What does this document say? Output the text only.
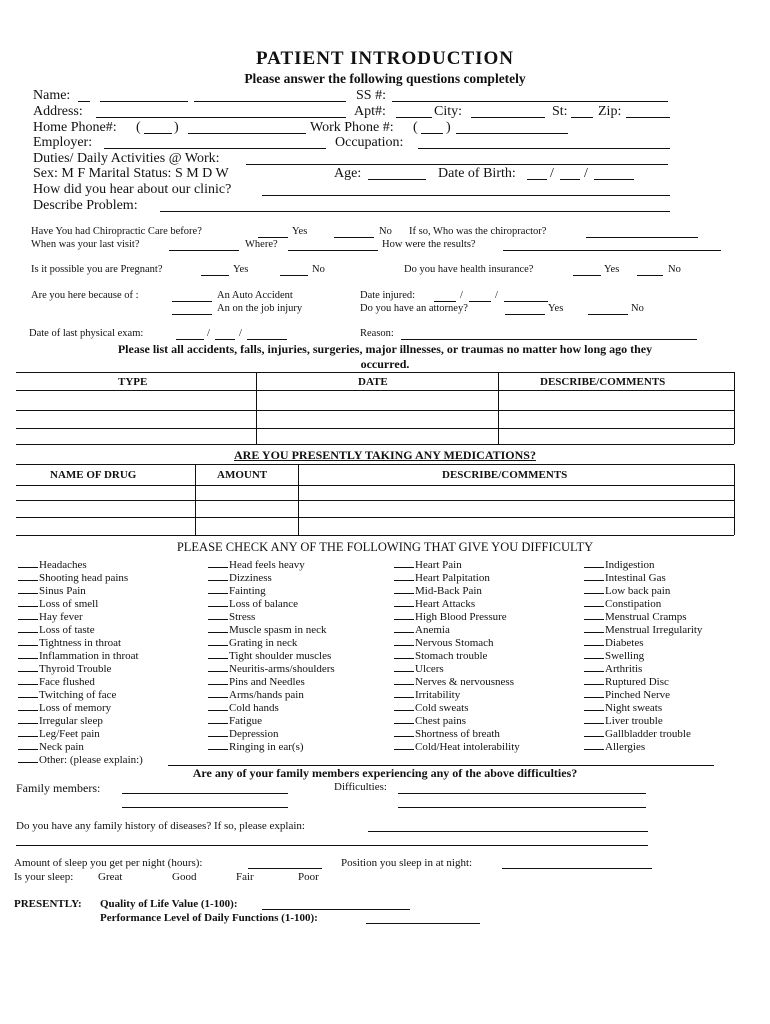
PATIENT INTRODUCTION
Please answer the following questions completely
Name:	SS #:
Address:	Apt#:	City:	St: Zip:
Home Phone#: ( )	Work Phone #: ( )
Employer:	Occupation:
Duties/ Daily Activities @ Work:
Sex: M F Marital Status: S M D W	Age:	Date of Birth: / /
How did you hear about our clinic?
Describe Problem:
Have You had Chiropractic Care before?	Yes	No If so, Who was the chiropractor?
When was your last visit?	Where?	How were the results?
Is it possible you are Pregnant?	Yes	No	Do you have health insurance?	Yes	No
Are you here because of :	An Auto Accident
An on the job injury
Date injured:	/	/
Do you have an attorney?	Yes	No
Date of last physical exam:	/	/	Reason:
Please list all accidents, falls, injuries, surgeries, major illnesses, or traumas no matter how long ago they
occurred.
TYPE	DATE	DESCRIBE/COMMENTS
ARE YOU PRESENTLY TAKING ANY MEDICATIONS?
NAME OF DRUG	AMOUNT	DESCRIBE/COMMENTS
PLEASE CHECK ANY OF THE FOLLOWING THAT GIVE YOU DIFFICULTY
Headaches
Shooting head pains
Sinus Pain
Loss of smell
Hay fever
Loss of taste
Tightness in throat
Inflammation in throat
Thyroid Trouble
Face flushed
Twitching of face
Loss of memory
Irregular sleep
Leg/Feet pain
Neck pain
Other: (please explain:)
Head feels heavy
Dizziness
Fainting
Loss of balance
Stress
Muscle spasm in neck
Grating in neck
Tight shoulder muscles
Neuritis-arms/shoulders
Pins and Needles
Arms/hands pain
Cold hands
Fatigue
Depression
Ringing in ear(s)
Heart Pain
Heart Palpitation
Mid-Back Pain
Heart Attacks
High Blood Pressure
Anemia
Nervous Stomach
Stomach trouble
Ulcers
Nerves & nervousness
Irritability
Cold sweats
Chest pains
Shortness of breath
Cold/Heat intolerability
Indigestion
Intestinal Gas
Low back pain
Constipation
Menstrual Cramps
Menstrual Irregularity
Diabetes
Swelling
Arthritis
Ruptured Disc
Pinched Nerve
Night sweats
Liver trouble
Gallbladder trouble
Allergies
Are any of your family members experiencing any of the above difficulties?
Family members:	Difficulties:
Do you have any family history of diseases? If so, please explain:
Amount of sleep you get per night (hours):	Position you sleep in at night:
Is your sleep: Great	Good	Fair	Poor
PRESENTLY: Quality of Life Value (1-100):
Performance Level of Daily Functions (1-100):
